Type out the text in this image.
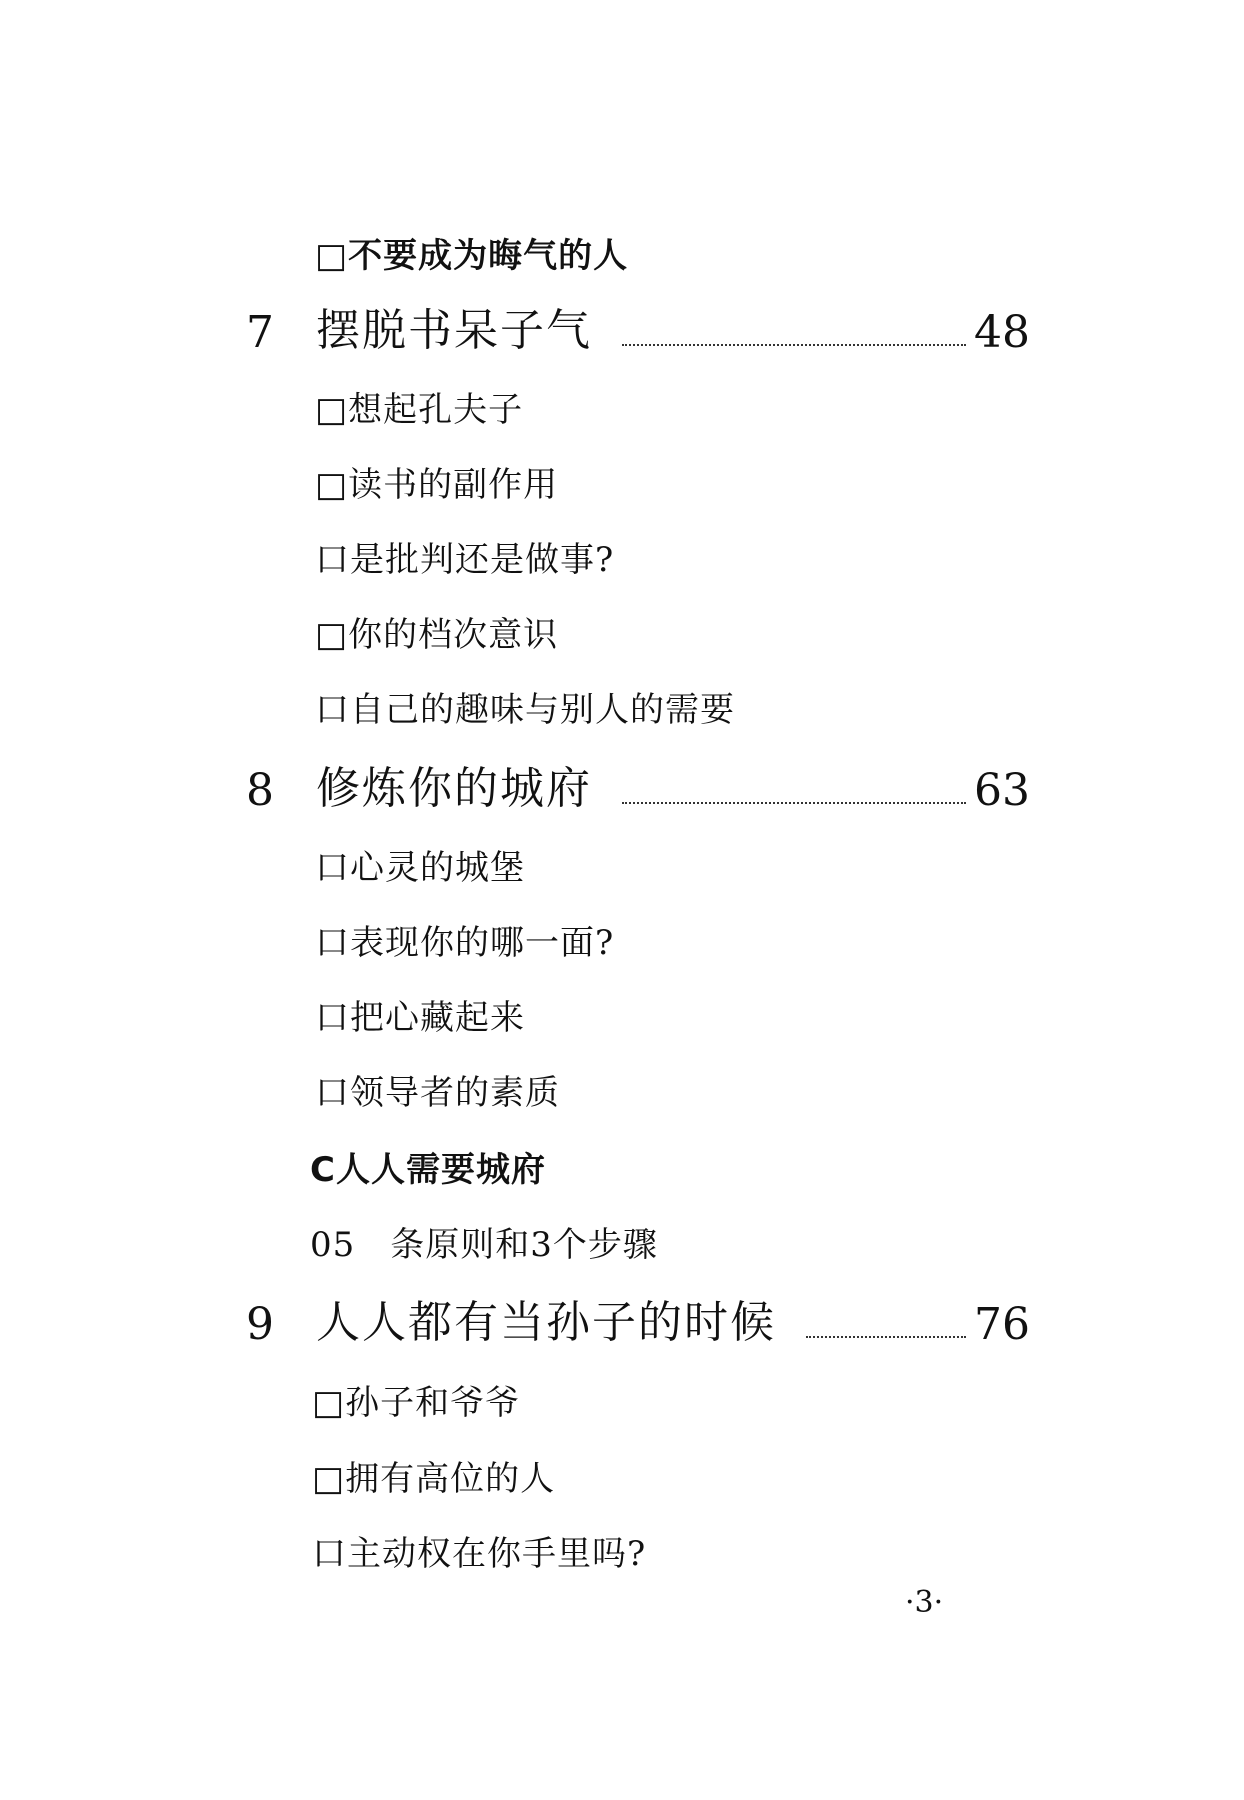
□不要成为晦气的人
7 摆脱书呆子气	48
□想起孔夫子
□读书的副作用
口是批判还是做事?
□你的档次意识
口自己的趣味与别人的需要
8 修炼你的城府	63
口心灵的城堡
口表现你的哪一面?
口把心藏起来
口领导者的素质
C人人需要城府
05　条原则和3个步骤
9 人人都有当孙子的时候	76
□孙子和爷爷
□拥有高位的人
口主动权在你手里吗?
·3·
